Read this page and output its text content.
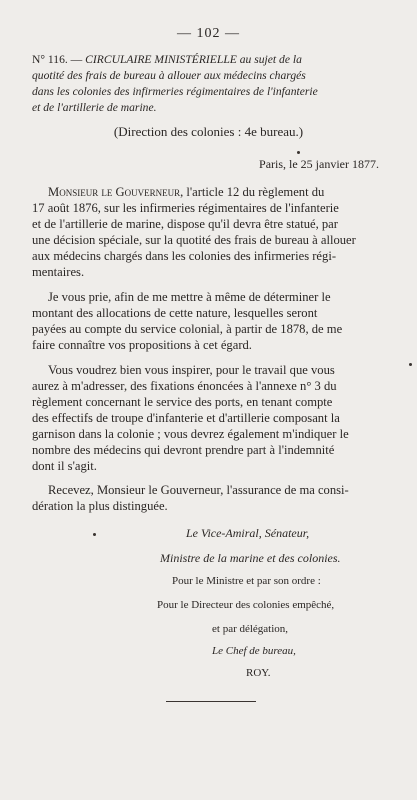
— 102 —
N° 116. — CIRCULAIRE MINISTÉRIELLE au sujet de la
quotité des frais de bureau à allouer aux médecins chargés
dans les colonies des infirmeries régimentaires de l'infanterie
et de l'artillerie de marine.
(Direction des colonies : 4e bureau.)
Paris, le 25 janvier 1877.
Monsieur le Gouverneur, l'article 12 du règlement du
17 août 1876, sur les infirmeries régimentaires de l'infanterie
et de l'artillerie de marine, dispose qu'il devra être statué, par
une décision spéciale, sur la quotité des frais de bureau à allouer
aux médecins chargés dans les colonies des infirmeries régi-
mentaires.
Je vous prie, afin de me mettre à même de déterminer le
montant des allocations de cette nature, lesquelles seront
payées au compte du service colonial, à partir de 1878, de me
faire connaître vos propositions à cet égard.
Vous voudrez bien vous inspirer, pour le travail que vous
aurez à m'adresser, des fixations énoncées à l'annexe n° 3 du
règlement concernant le service des ports, en tenant compte
des effectifs de troupe d'infanterie et d'artillerie composant la
garnison dans la colonie ; vous devrez également m'indiquer le
nombre des médecins qui devront prendre part à l'indemnité
dont il s'agit.
Recevez, Monsieur le Gouverneur, l'assurance de ma consi-
dération la plus distinguée.
Le Vice-Amiral, Sénateur,
Ministre de la marine et des colonies.
Pour le Ministre et par son ordre :
Pour le Directeur des colonies empêché,
et par délégation,
Le Chef de bureau,
ROY.
